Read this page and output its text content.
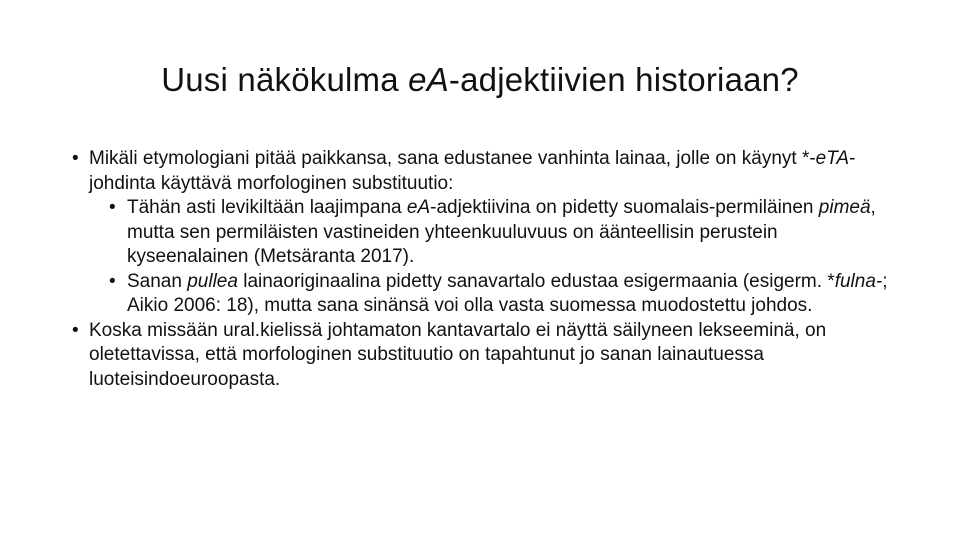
Uusi näkökulma eA-adjektiivien historiaan?
• Mikäli etymologiani pitää paikkansa, sana edustanee vanhinta lainaa, jolle on käynyt *-eTA-johdinta käyttävä morfologinen substituutio:
• Tähän asti levikiltään laajimpana eA-adjektiivina on pidetty suomalais-permiläinen pimeä, mutta sen permiläisten vastineiden yhteenkuuluvuus on äänteellisin perustein kyseenalainen (Metsäranta 2017).
• Sanan pullea lainaoriginaalina pidetty sanavartalo edustaa esigermaania (esigerm. *fulna-; Aikio 2006: 18), mutta sana sinänsä voi olla vasta suomessa muodostettu johdos.
• Koska missään ural.kielissä johtamaton kantavartalo ei näyttä säilyneen lekseeminä, on oletettavissa, että morfologinen substituutio on tapahtunut jo sanan lainautuessa luoteisindoeuroopasta.
